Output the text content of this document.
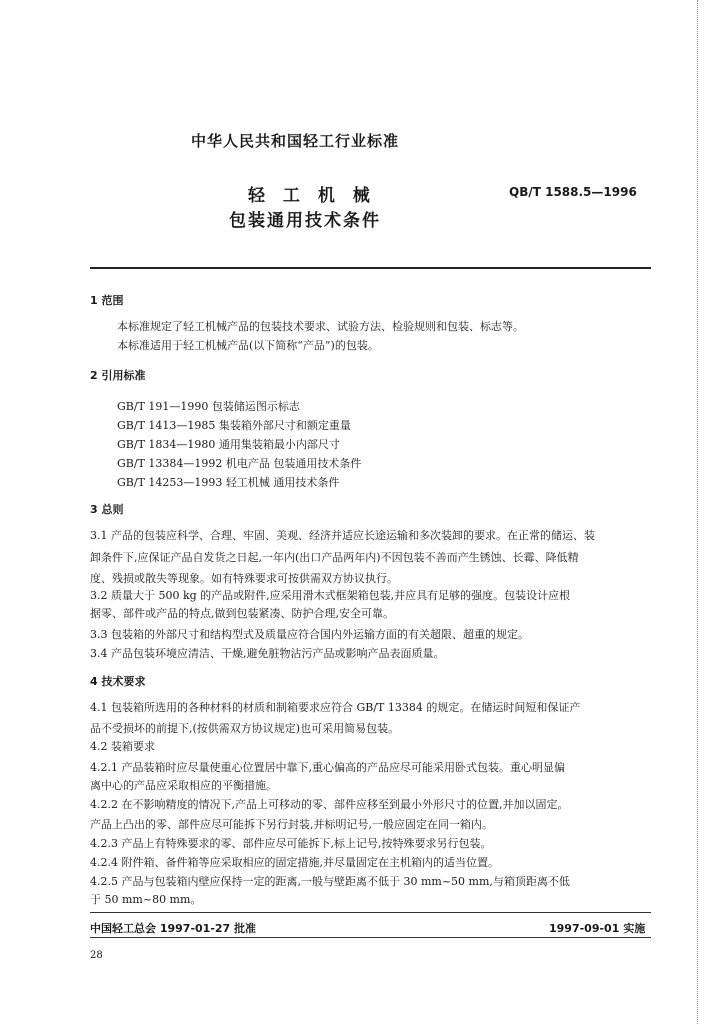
中华人民共和国轻工行业标准
轻 工 机 械
包装通用技术条件
QB/T 1588.5—1996
1 范围
本标准规定了轻工机械产品的包装技术要求、试验方法、检验规则和包装、标志等。
本标准适用于轻工机械产品(以下简称“产品”)的包装。
2 引用标准
GB/T 191—1990 包装储运图示标志
GB/T 1413—1985 集装箱外部尺寸和额定重量
GB/T 1834—1980 通用集装箱最小内部尺寸
GB/T 13384—1992 机电产品 包装通用技术条件
GB/T 14253—1993 轻工机械 通用技术条件
3 总则
3.1 产品的包装应科学、合理、牢固、美观、经济并适应长途运输和多次装卸的要求。在正常的储运、装
卸条件下,应保证产品自发货之日起,一年内(出口产品两年内)不因包装不善而产生锈蚀、长霉、降低精
度、残损或散失等现象。如有特殊要求可按供需双方协议执行。
3.2 质量大于 500 kg 的产品或附件,应采用滑木式框架箱包装,并应具有足够的强度。包装设计应根
据零、部件或产品的特点,做到包装紧凑、防护合理,安全可靠。
3.3 包装箱的外部尺寸和结构型式及质量应符合国内外运输方面的有关超限、超重的规定。
3.4 产品包装环境应清洁、干燥,避免脏物沾污产品或影响产品表面质量。
4 技术要求
4.1 包装箱所选用的各种材料的材质和制箱要求应符合 GB/T 13384 的规定。在储运时间短和保证产
品不受损坏的前提下,(按供需双方协议规定)也可采用简易包装。
4.2 装箱要求
4.2.1 产品装箱时应尽量使重心位置居中靠下,重心偏高的产品应尽可能采用卧式包装。重心明显偏
离中心的产品应采取相应的平衡措施。
4.2.2 在不影响精度的情况下,产品上可移动的零、部件应移至到最小外形尺寸的位置,并加以固定。
产品上凸出的零、部件应尽可能拆下另行封装,并标明记号,一般应固定在同一箱内。
4.2.3 产品上有特殊要求的零、部件应尽可能拆下,标上记号,按特殊要求另行包装。
4.2.4 附件箱、备件箱等应采取相应的固定措施,并尽量固定在主机箱内的适当位置。
4.2.5 产品与包装箱内壁应保持一定的距离,一般与壁距离不低于 30 mm~50 mm,与箱顶距离不低
于 50 mm~80 mm。
中国轻工总会 1997-01-27 批准	1997-09-01 实施
28
